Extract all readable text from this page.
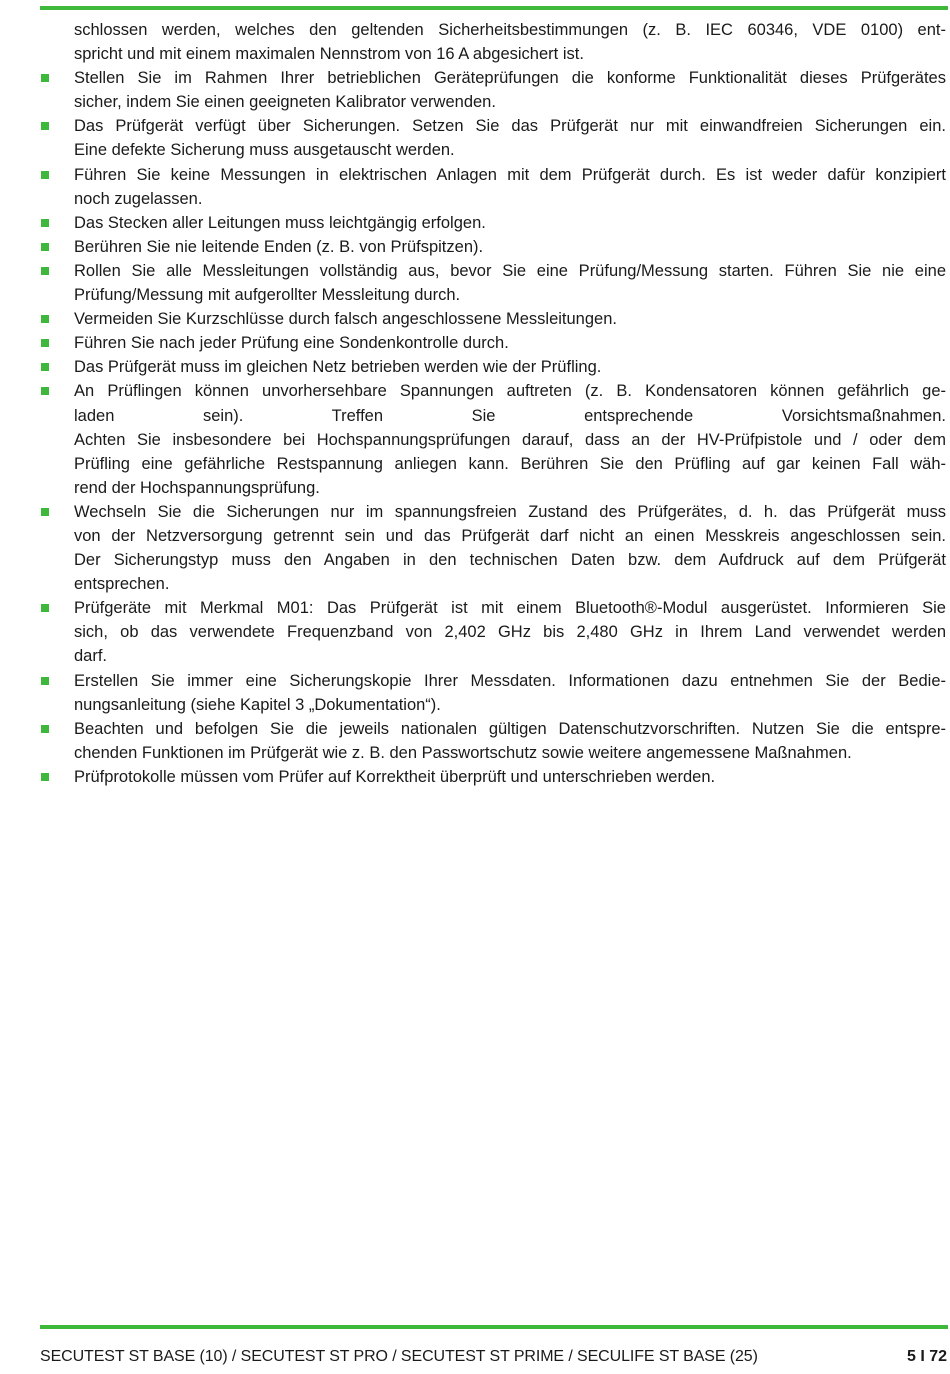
schlossen werden, welches den geltenden Sicherheitsbestimmungen (z. B. IEC 60346, VDE 0100) ent-
spricht und mit einem maximalen Nennstrom von 16 A abgesichert ist.
Stellen Sie im Rahmen Ihrer betrieblichen Geräteprüfungen die konforme Funktionalität dieses Prüfgerätes
sicher, indem Sie einen geeigneten Kalibrator verwenden.
Das Prüfgerät verfügt über Sicherungen. Setzen Sie das Prüfgerät nur mit einwandfreien Sicherungen ein.
Eine defekte Sicherung muss ausgetauscht werden.
Führen Sie keine Messungen in elektrischen Anlagen mit dem Prüfgerät durch. Es ist weder dafür konzipiert
noch zugelassen.
Das Stecken aller Leitungen muss leichtgängig erfolgen.
Berühren Sie nie leitende Enden (z. B. von Prüfspitzen).
Rollen Sie alle Messleitungen vollständig aus, bevor Sie eine Prüfung/Messung starten. Führen Sie nie eine
Prüfung/Messung mit aufgerollter Messleitung durch.
Vermeiden Sie Kurzschlüsse durch falsch angeschlossene Messleitungen.
Führen Sie nach jeder Prüfung eine Sondenkontrolle durch.
Das Prüfgerät muss im gleichen Netz betrieben werden wie der Prüfling.
An Prüflingen können unvorhersehbare Spannungen auftreten (z. B. Kondensatoren können gefährlich ge-
laden sein). Treffen Sie entsprechende Vorsichtsmaßnahmen.
Achten Sie insbesondere bei Hochspannungsprüfungen darauf, dass an der HV-Prüfpistole und / oder dem
Prüfling eine gefährliche Restspannung anliegen kann. Berühren Sie den Prüfling auf gar keinen Fall wäh-
rend der Hochspannungsprüfung.
Wechseln Sie die Sicherungen nur im spannungsfreien Zustand des Prüfgerätes, d. h. das Prüfgerät muss
von der Netzversorgung getrennt sein und das Prüfgerät darf nicht an einen Messkreis angeschlossen sein.
Der Sicherungstyp muss den Angaben in den technischen Daten bzw. dem Aufdruck auf dem Prüfgerät
entsprechen.
Prüfgeräte mit Merkmal M01: Das Prüfgerät ist mit einem Bluetooth®-Modul ausgerüstet. Informieren Sie
sich, ob das verwendete Frequenzband von 2,402 GHz bis 2,480 GHz in Ihrem Land verwendet werden
darf.
Erstellen Sie immer eine Sicherungskopie Ihrer Messdaten. Informationen dazu entnehmen Sie der Bedie-
nungsanleitung (siehe Kapitel 3 „Dokumentation“).
Beachten und befolgen Sie die jeweils nationalen gültigen Datenschutzvorschriften. Nutzen Sie die entspre-
chenden Funktionen im Prüfgerät wie z. B. den Passwortschutz sowie weitere angemessene Maßnahmen.
Prüfprotokolle müssen vom Prüfer auf Korrektheit überprüft und unterschrieben werden.
SECUTEST ST BASE (10) / SECUTEST ST PRO / SECUTEST ST PRIME / SECULIFE ST BASE (25)	5 I 72
